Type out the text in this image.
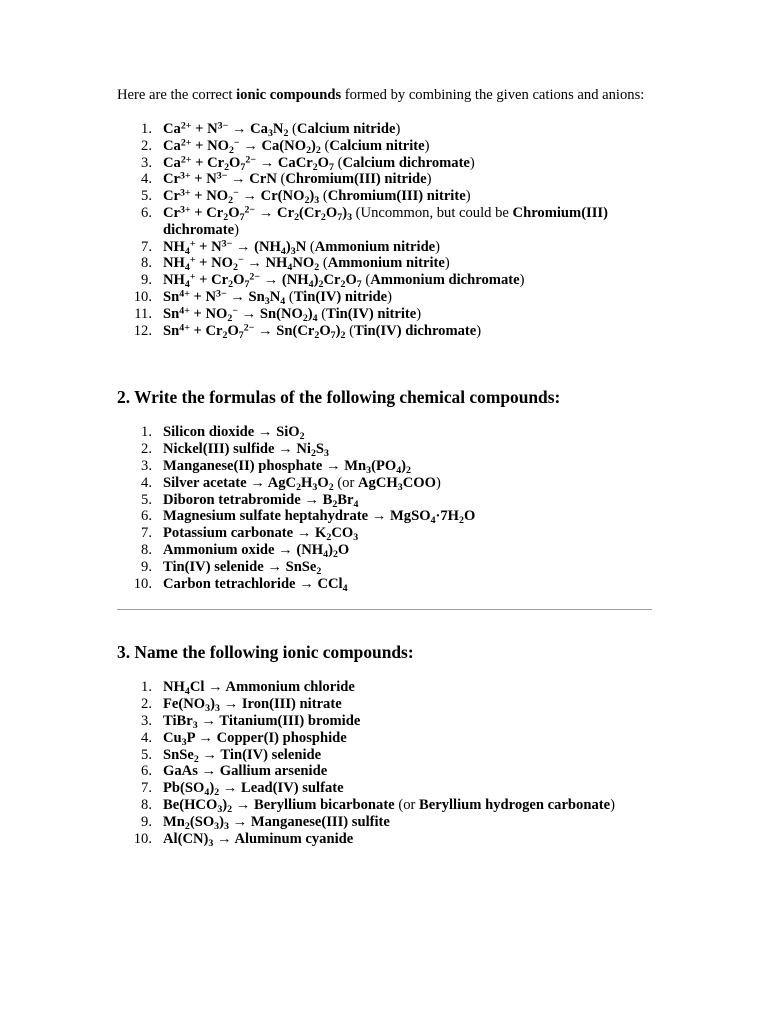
Here are the correct ionic compounds formed by combining the given cations and anions:

1. $Ca^{2+} + N^{3-} \to Ca_3N_2$ (Calcium nitride)
2. $Ca^{2+} + NO_2^- \to Ca(NO_2)_2$ (Calcium nitrite)
3. $Ca^{2+} + Cr_2O_7^{2-}$ → $CaCr_2O_7$ (Calcium dichromate)
4. $Cr^{3+} + N^{3-}$ → CrN (Chromium(III) nitride)
5. $Cr^{3+} + NO_2^- \to Cr(NO_2)_3$ (Chromium(III) nitrite)
6. $Cr^{3+} + Cr_2O_7^{2-} \to Cr_2(Cr_2O_7)_3$ (Uncommon, but could be Chromium(III) dichromate)
7. $NH_4^+ + N^{3-} \to (NH_4)_3N$ (Ammonium nitride)
8. $NH_4^+ + NO_2^- \to NH_4NO_2$ (Ammonium nitrite)
9. $NH_4^+ + Cr_2O_7^{2-} \to (NH_4)_2Cr_2O_7$ (Ammonium dichromate)
10. $Sn^{4+} + N^{3-} \to Sn_3N_4$ (Tin(IV) nitride)
11. $Sn^{4+} + NO_2^- \to Sn(NO_2)_4$ (Tin(IV) nitrite)
12. $Sn^{4+} + Cr_2O_7^{2-} \to Sn(Cr_2O_7)_2$ (Tin(IV) dichromate)
2. Write the formulas of the following chemical compounds:
1. Silicon dioxide → SiO$_2$
2. Nickel(III) sulfide → $Ni_2S_3$
3. Manganese(II) phosphate → $Mn_3(PO_4)_2$
4. Silver acetate → $AgC_2H_3O_2$ (or AgCH$_3$COO)
5. Diboron tetrabromide → $B_2Br_4$
6. Magnesium sulfate heptahydrate → $MgSO_4\cdot 7H_2O$
7. Potassium carbonate → $K_2CO_3$
8. Ammonium oxide → $(NH_4)_2O$
9. Tin(IV) selenide → SnSe$_2$
10. Carbon tetrachloride → CCl$_4$
3. Name the following ionic compounds:
1. $NH_4Cl$ → Ammonium chloride
2. $Fe(NO_3)_3$ → Iron(III) nitrate
3. TiBr$_3$ → Titanium(III) bromide
4. $Cu_3P$ → Copper(I) phosphide
5. SnSe$_2$ → Tin(IV) selenide
6. GaAs → Gallium arsenide
7. $Pb(SO_4)_2$ → Lead(IV) sulfate
8. $Be(HCO_3)_2$ → Beryllium bicarbonate (or Beryllium hydrogen carbonate)
9. $Mn_2(SO_3)_3$ → Manganese(III) sulfite
10. $Al(CN)_3$ → Aluminum cyanide
